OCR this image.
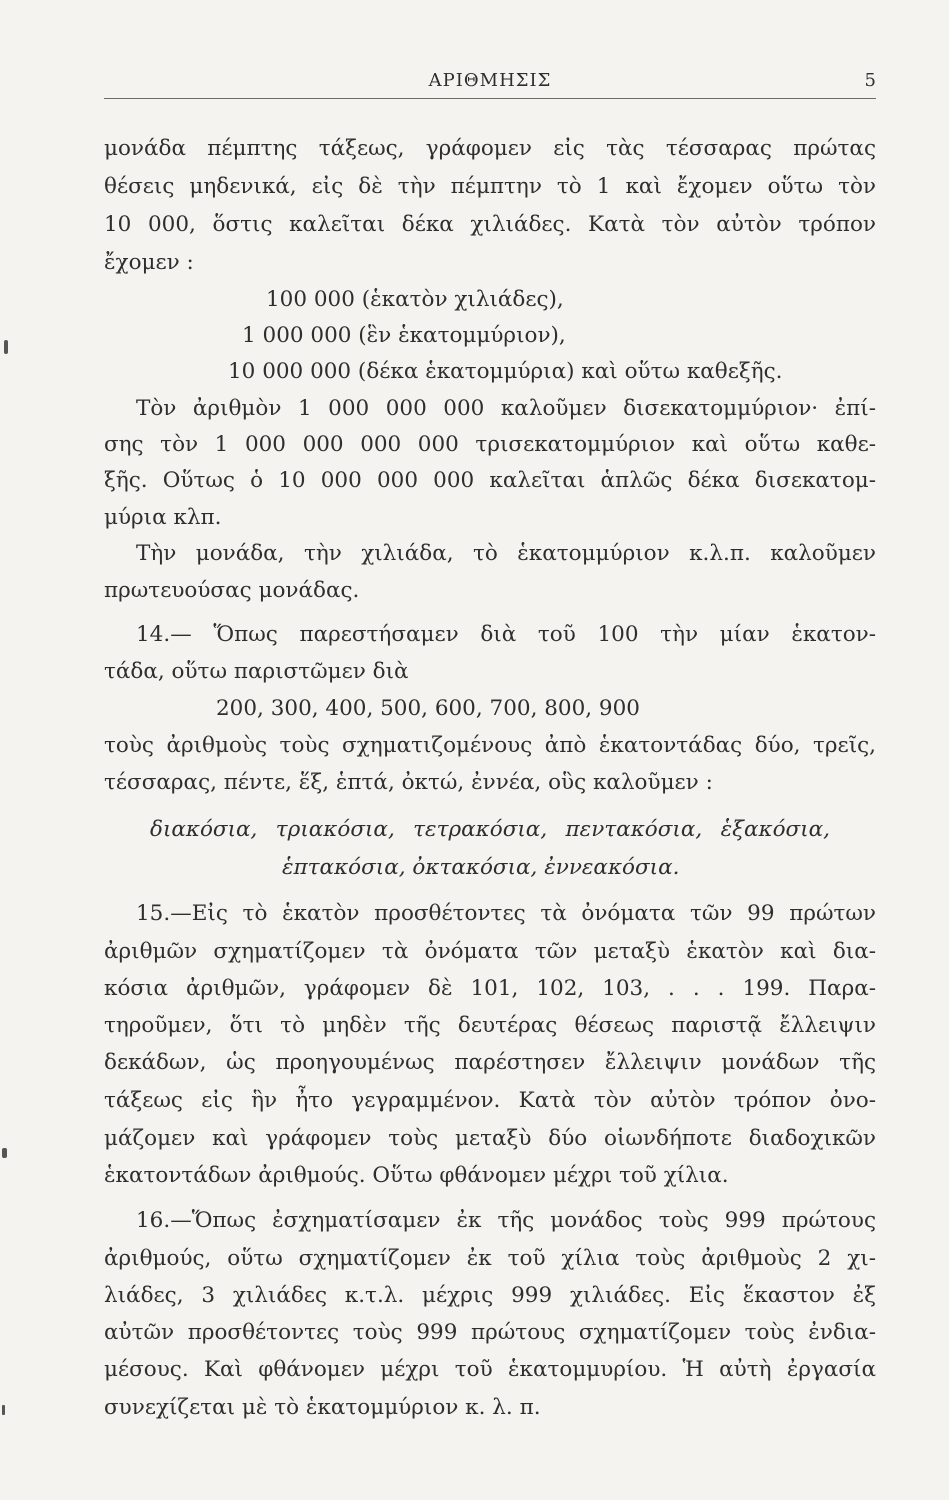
ΑΡΙΘΜΗΣΙΣ	5
μονάδα πέμπτης τάξεως, γράφομεν εἰς τὰς τέσσαρας πρώτας
θέσεις μηδενικά, εἰς δὲ τὴν πέμπτην τὸ 1 καὶ ἔχομεν οὕτω τὸν
10 000, ὅστις καλεῖται δέκα χιλιάδες. Κατὰ τὸν αὐτὸν τρόπον
ἔχομεν :
100 000 (ἑκατὸν χιλιάδες),
1 000 000 (ἓν ἑκατομμύριον),
10 000 000 (δέκα ἑκατομμύρια) καὶ οὕτω καθεξῆς.
Τὸν ἀριθμὸν 1 000 000 000 καλοῦμεν δισεκατομμύριον· ἐπί-
σης τὸν 1 000 000 000 000 τρισεκατομμύριον καὶ οὕτω καθε-
ξῆς. Οὕτως ὁ 10 000 000 000 καλεῖται ἁπλῶς δέκα δισεκατομ-
μύρια κλπ.
Τὴν μονάδα, τὴν χιλιάδα, τὸ ἑκατομμύριον κ.λ.π. καλοῦμεν
πρωτευούσας μονάδας.
14.— Ὅπως παρεστήσαμεν διὰ τοῦ 100 τὴν μίαν ἑκατον-
τάδα, οὕτω παριστῶμεν διὰ
200, 300, 400, 500, 600, 700, 800, 900
τοὺς ἀριθμοὺς τοὺς σχηματιζομένους ἀπὸ ἑκατοντάδας δύο, τρεῖς,
τέσσαρας, πέντε, ἕξ, ἑπτά, ὀκτώ, ἐννέα, οὓς καλοῦμεν :
διακόσια, τριακόσια, τετρακόσια, πεντακόσια, ἑξακόσια,
ἑπτακόσια, ὀκτακόσια, ἐννεακόσια.
15.—Εἰς τὸ ἑκατὸν προσθέτοντες τὰ ὀνόματα τῶν 99 πρώτων
ἀριθμῶν σχηματίζομεν τὰ ὀνόματα τῶν μεταξὺ ἑκατὸν καὶ δια-
κόσια ἀριθμῶν, γράφομεν δὲ 101, 102, 103, . . . 199. Παρα-
τηροῦμεν, ὅτι τὸ μηδὲν τῆς δευτέρας θέσεως παριστᾷ ἔλλειψιν
δεκάδων, ὡς προηγουμένως παρέστησεν ἔλλειψιν μονάδων τῆς
τάξεως εἰς ἣν ἦτο γεγραμμένον. Κατὰ τὸν αὐτὸν τρόπον ὀνο-
μάζομεν καὶ γράφομεν τοὺς μεταξὺ δύο οἱωνδήποτε διαδοχικῶν
ἑκατοντάδων ἀριθμούς. Οὕτω φθάνομεν μέχρι τοῦ χίλια.
16.—Ὅπως ἐσχηματίσαμεν ἐκ τῆς μονάδος τοὺς 999 πρώτους
ἀριθμούς, οὕτω σχηματίζομεν ἐκ τοῦ χίλια τοὺς ἀριθμοὺς 2 χι-
λιάδες, 3 χιλιάδες κ.τ.λ. μέχρις 999 χιλιάδες. Εἰς ἕκαστον ἐξ
αὐτῶν προσθέτοντες τοὺς 999 πρώτους σχηματίζομεν τοὺς ἐνδια-
μέσους. Καὶ φθάνομεν μέχρι τοῦ ἑκατομμυρίου. Ἡ αὐτὴ ἐργασία
συνεχίζεται μὲ τὸ ἑκατομμύριον κ. λ. π.
